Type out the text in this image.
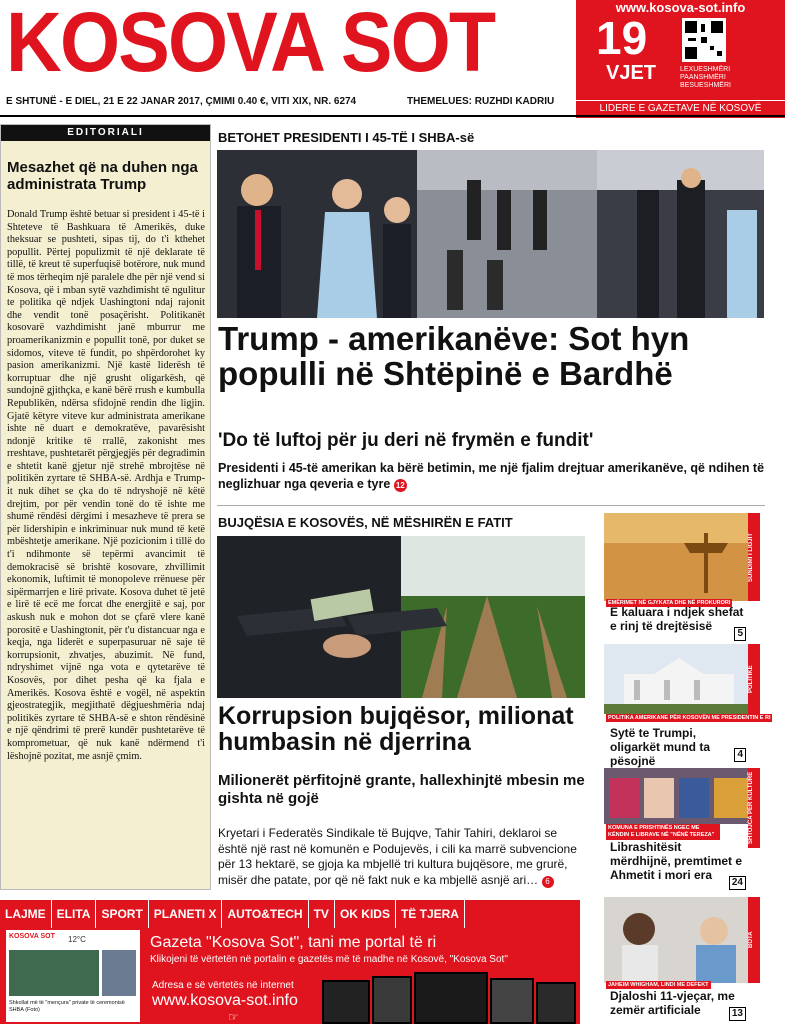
KOSOVA SOT
E SHTUNË - E DIEL, 21 E 22 JANAR 2017, ÇMIMI 0.40 €, VITI XIX, NR. 6274	THEMELUES: RUZHDI KADRIU
www.kosova-sot.info
19
VJET	LEXUESHMËRI
PAANSHMËRI
BESUESHMËRI
LIDERE E GAZETAVE NË KOSOVË
EDITORIALI
Mesazhet që na duhen nga administrata Trump
Donald Trump është betuar si president i 45-të i Shteteve të Bashkuara të Amerikës, duke theksuar se pushteti, sipas tij, do t'i kthehet popullit. Përtej populizmit të një deklarate të tillë, të kreut të superfuqisë botërore, nuk mund të mos tërheqim një paralele dhe për një vend si Kosova, që i mban sytë vazhdimisht të ngulitur te politika që ndjek Uashingtoni ndaj rajonit dhe vendit tonë posaçërisht. Politikanët kosovarë vazhdimisht janë mburrur me proamerikanizmin e popullit tonë, por duket se sidomos, viteve të fundit, po shpërdorohet ky pasion amerikanizmi. Një kastë liderësh të korruptuar dhe një grusht oligarkësh, që sundojnë gjithçka, e kanë bërë rrush e kumbulla Republikën, ndërsa sfidojnë rendin dhe ligjin. Gjatë këtyre viteve kur administrata amerikane ishte në duart e demokratëve, pavarësisht ndonjë kritike të rrallë, zakonisht mes rreshtave, pushtetarët përgjegjës për degradimin e shtetit kanë gjetur një strehë mbrojtëse në politikën zyrtare të SHBA-së. Ardhja e Trump-it nuk dihet se çka do të ndryshojë në këtë drejtim, por për vendin tonë do të ishte me shumë rëndësi dërgimi i mesazheve të prera se për lidershipin e inkriminuar nuk mund të ketë mbështetje amerikane. Një pozicionim i tillë do t'i ndihmonte së tepërmi avancimit të demokracisë së brishtë kosovare, zhvillimit ekonomik, luftimit të monopoleve rrënuese për sipërmarrjen e lirë private. Kosova duhet të jetë e lirë të ecë me forcat dhe energjitë e saj, por askush nuk e mohon dot se çfarë vlere kanë porositë e Uashingtonit, për t'u distancuar nga e keqja, nga liderët e superpasuruar në saje të korrupsionit, zhvatjes, abuzimit. Në fund, ndryshimet vijnë nga vota e qytetarëve të Kosovës, por dihet pesha që ka fjala e Amerikës. Kosova është e vogël, në aspektin gjeostrategjik, megjithatë dëgjueshmëria ndaj politikës zyrtare të SHBA-së e shton rëndësinë e një qëndrimi të prerë kundër pushtetarëve të komprometuar, që nuk kanë ndërmend t'i lëshojnë pozitat, me asnjë çmim.
BETOHET PRESIDENTI I 45-TË I SHBA-së
Trump - amerikanëve: Sot hyn populli në Shtëpinë e Bardhë
'Do të luftoj për ju deri në frymën e fundit'
Presidenti i 45-të amerikan ka bërë betimin, me një fjalim drejtuar amerikanëve, që ndihen të neglizhuar nga qeveria e tyre 12
BUJQËSIA E KOSOVËS, NË MËSHIRËN E FATIT
Korrupsion bujqësor, milionat humbasin në djerrina
Milionerët përfitojnë grante, hallexhinjtë mbesin me gishta në gojë
Kryetari i Federatës Sindikale të Bujqve, Tahir Tahiri, deklaroi se është një rast në komunën e Podujevës, i cili ka marrë subvencione për 13 hektarë, se gjoja ka mbjellë tri kultura bujqësore, me grurë, misër dhe patate, por që në fakt nuk e ka mbjellë asnjë ari… 6
SUNDIMI I LIGJIT
EMËRIMET NË GJYKATA DHE NË PROKURORI
E kaluara i ndjek shefat e rinj të drejtësisë
5
POLITIKË
POLITIKA AMERIKANE PËR KOSOVËN ME PRESIDENTIN E RI
Sytë te Trumpi, oligarkët mund ta pësojnë	4
SHTOJCA PËR KULTURË
KOMUNA E PRISHTINËS NGEC ME KËNDIN E LIBRAVE NË "NËNË TEREZA"
Librashitësit mërdhijnë, premtimet e Ahmetit i mori era
24
BOTA
JAHEIM WHIGHAM, LINDI ME DEFEKT
Djaloshi 11-vjeçar, me zemër artificiale	13
LAJME ELITA SPORT PLANETI X AUTO&TECH TV OK KIDS TË TJERA
KOSOVA SOT 12°C
Shkollat më të "mençura" private të ceremonisë SHBA (Foto)
Gazeta "Kosova Sot", tani me portal të ri
Klikojeni të vërtetën në portalin e gazetës më të madhe në Kosovë, "Kosova Sot"
Adresa e së vërtetës në internet
www.kosova-sot.info
☞
